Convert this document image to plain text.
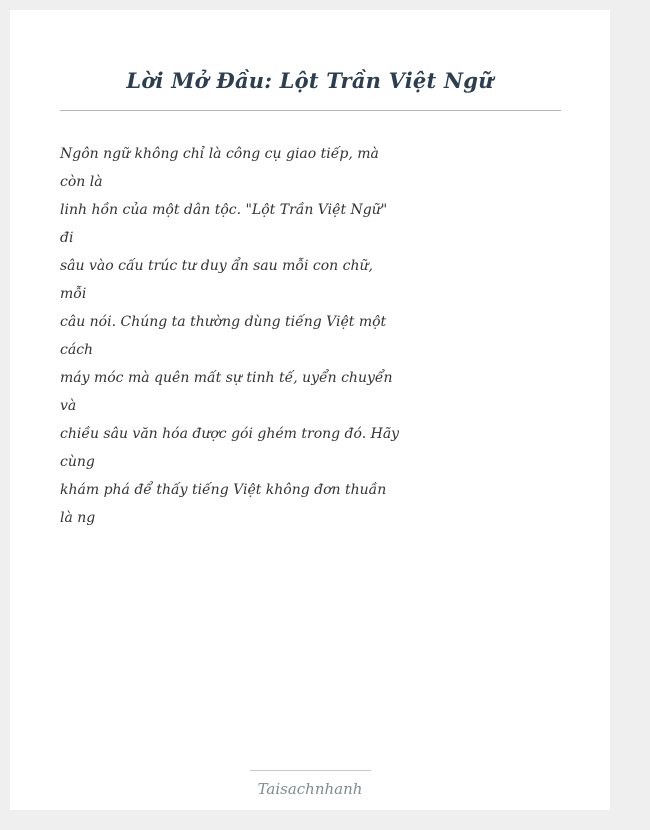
Lời Mở Đầu: Lột Trần Việt Ngữ
Ngôn ngữ không chỉ là công cụ giao tiếp, mà
còn là
linh hồn của một dân tộc. "Lột Trần Việt Ngữ"
đi
sâu vào cấu trúc tư duy ẩn sau mỗi con chữ,
mỗi
câu nói. Chúng ta thường dùng tiếng Việt một
cách
máy móc mà quên mất sự tinh tế, uyển chuyển
và
chiều sâu văn hóa được gói ghém trong đó. Hãy
cùng
khám phá để thấy tiếng Việt không đơn thuần
là ng
Taisachnhanh
